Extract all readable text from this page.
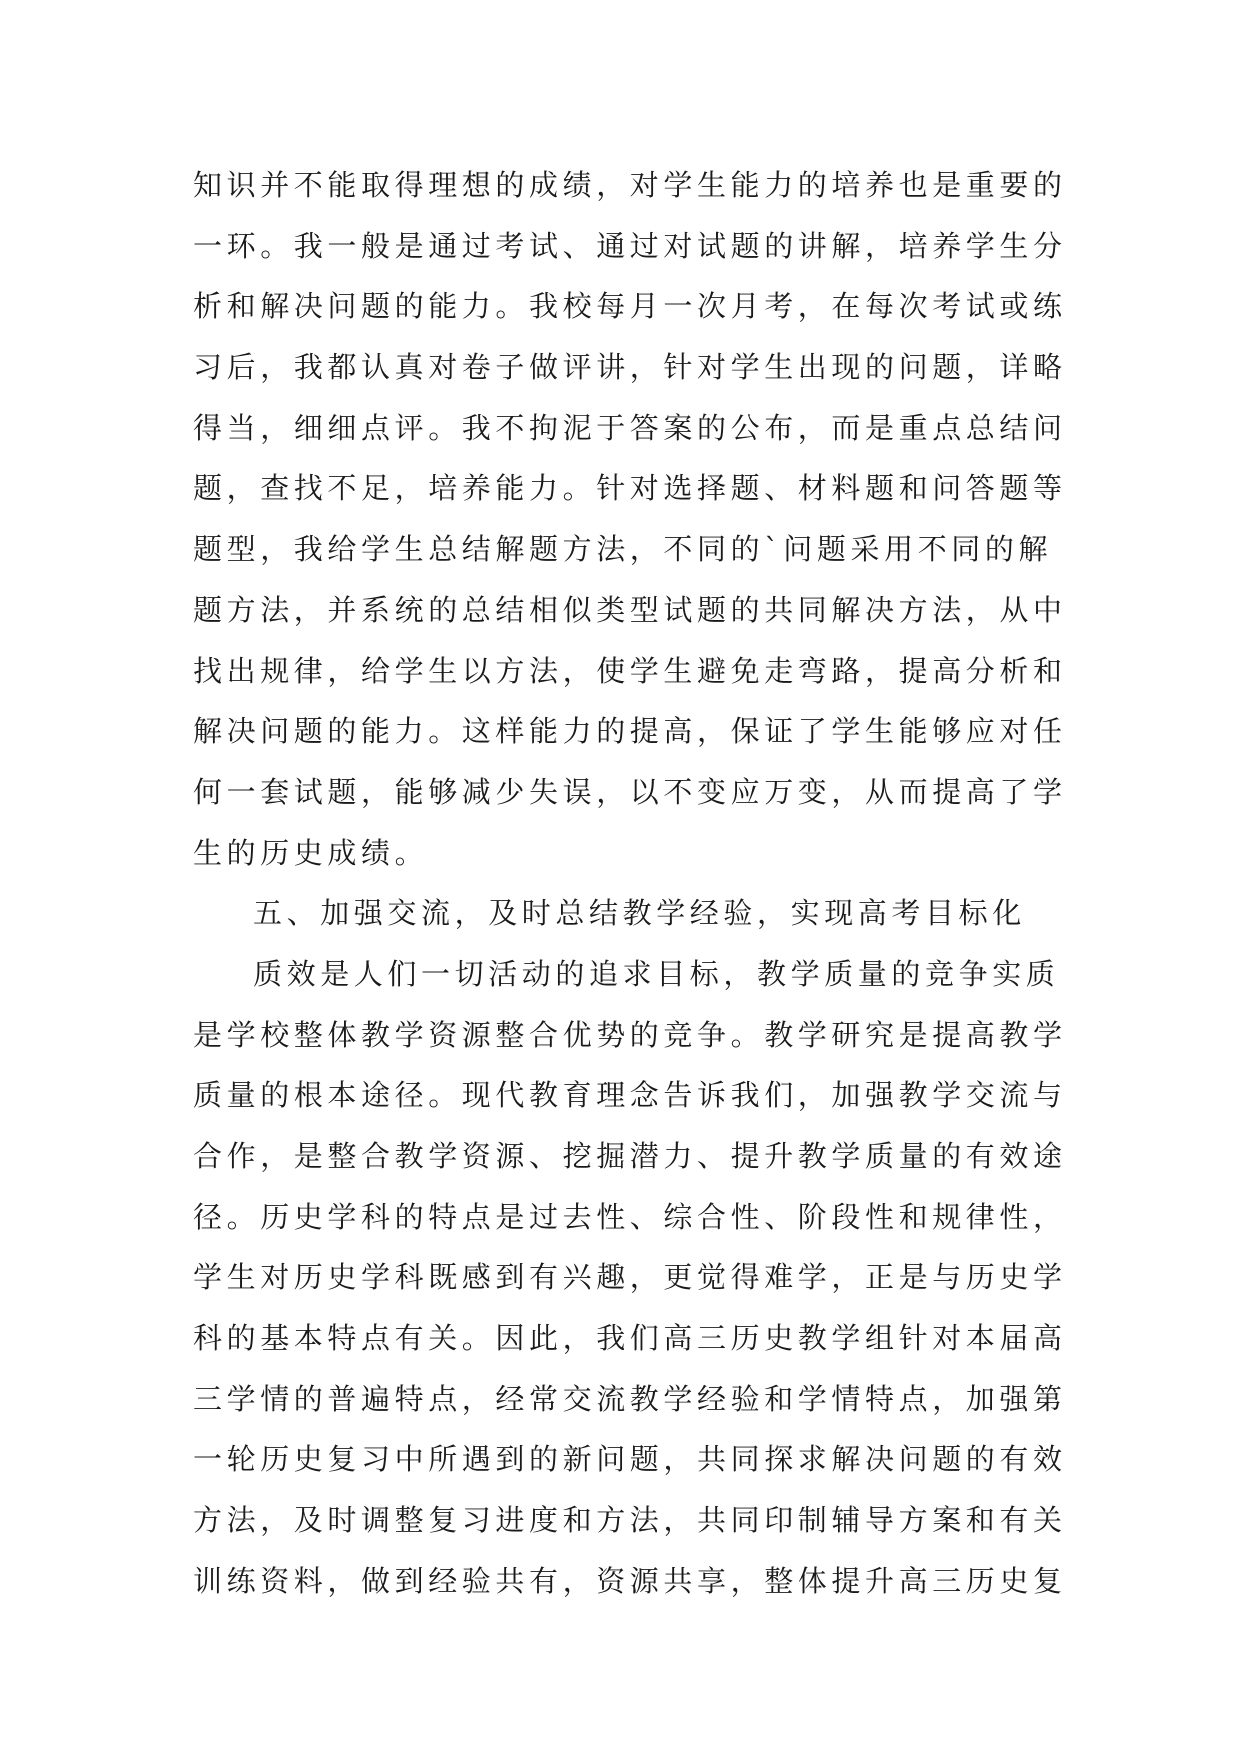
知识并不能取得理想的成绩，对学生能力的培养也是重要的
一环。我一般是通过考试、通过对试题的讲解，培养学生分
析和解决问题的能力。我校每月一次月考，在每次考试或练
习后，我都认真对卷子做评讲，针对学生出现的问题，详略
得当，细细点评。我不拘泥于答案的公布，而是重点总结问
题，查找不足，培养能力。针对选择题、材料题和问答题等
题型，我给学生总结解题方法，不同的`问题采用不同的解
题方法，并系统的总结相似类型试题的共同解决方法，从中
找出规律，给学生以方法，使学生避免走弯路，提高分析和
解决问题的能力。这样能力的提高，保证了学生能够应对任
何一套试题，能够减少失误，以不变应万变，从而提高了学
生的历史成绩。
五、加强交流，及时总结教学经验，实现高考目标化
质效是人们一切活动的追求目标，教学质量的竞争实质
是学校整体教学资源整合优势的竞争。教学研究是提高教学
质量的根本途径。现代教育理念告诉我们，加强教学交流与
合作，是整合教学资源、挖掘潜力、提升教学质量的有效途
径。历史学科的特点是过去性、综合性、阶段性和规律性，
学生对历史学科既感到有兴趣，更觉得难学，正是与历史学
科的基本特点有关。因此，我们高三历史教学组针对本届高
三学情的普遍特点，经常交流教学经验和学情特点，加强第
一轮历史复习中所遇到的新问题，共同探求解决问题的有效
方法，及时调整复习进度和方法，共同印制辅导方案和有关
训练资料，做到经验共有，资源共享，整体提升高三历史复
